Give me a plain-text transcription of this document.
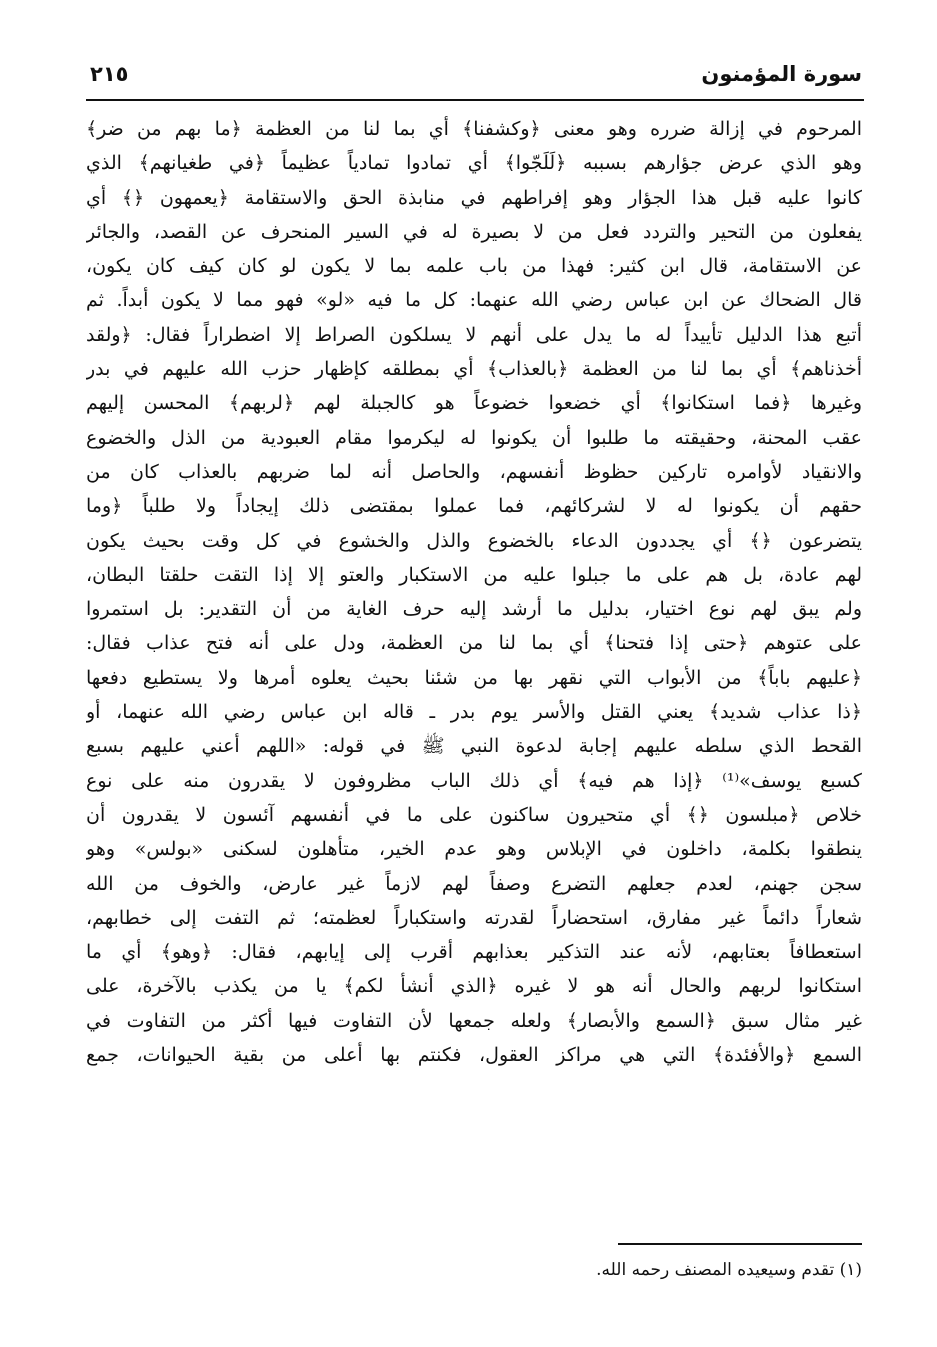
سورة المؤمنون
٢١٥
المرحوم في إزالة ضرره وهو معنى ﴿وكشفنا﴾ أي بما لنا من العظمة ﴿ما بهم من ضر﴾
وهو الذي عرض جؤارهم بسببه ﴿لَلَجّوا﴾ أي تمادوا تمادياً عظيماً ﴿في طغيانهم﴾ الذي
كانوا عليه قبل هذا الجؤار وهو إفراطهم في منابذة الحق والاستقامة ﴿يعمهون ﴿﴾ أي
يفعلون من التحير والتردد فعل من لا بصيرة له في السير المنحرف عن القصد، والجائر
عن الاستقامة، قال ابن كثير: فهذا من باب علمه بما لا يكون لو كان كيف كان يكون،
قال الضحاك عن ابن عباس رضي الله عنهما: كل ما فيه «لو» فهو مما لا يكون أبداً. ثم
أتبع هذا الدليل تأييداً له ما يدل على أنهم لا يسلكون الصراط إلا اضطراراً فقال: ﴿ولقد
أخذناهم﴾ أي بما لنا من العظمة ﴿بالعذاب﴾ أي بمطلقه كإظهار حزب الله عليهم في بدر
وغيرها ﴿فما استكانوا﴾ أي خضعوا خضوعاً هو كالجبلة لهم ﴿لربهم﴾ المحسن إليهم
عقب المحنة، وحقيقته ما طلبوا أن يكونوا له ليكرموا مقام العبودية من الذل والخضوع
والانقياد لأوامره تاركين حظوظ أنفسهم، والحاصل أنه لما ضربهم بالعذاب كان من
حقهم أن يكونوا له لا لشركائهم، فما عملوا بمقتضى ذلك إيجاداً ولا طلباً ﴿وما
يتضرعون ﴿﴾ أي يجددون الدعاء بالخضوع والذل والخشوع في كل وقت بحيث يكون
لهم عادة، بل هم على ما جبلوا عليه من الاستكبار والعتو إلا إذا التقت حلقتا البطان،
ولم يبق لهم نوع اختيار، بدليل ما أرشد إليه حرف الغاية من أن التقدير: بل استمروا
على عتوهم ﴿حتى إذا فتحنا﴾ أي بما لنا من العظمة، ودل على أنه فتح عذاب فقال:
﴿عليهم باباً﴾ من الأبواب التي نقهر بها من شئنا بحيث يعلوه أمرها ولا يستطيع دفعها
﴿ذا عذاب شديد﴾ يعني القتل والأسر يوم بدر ـ قاله ابن عباس رضي الله عنهما، أو
القحط الذي سلطه عليهم إجابة لدعوة النبي ﷺ في قوله: «اللهم أعني عليهم بسبع
كسبع يوسف»⁽¹⁾ ﴿إذا هم فيه﴾ أي ذلك الباب مظروفون لا يقدرون منه على نوع
خلاص ﴿مبلسون ﴿﴾ أي متحيرون ساكنون على ما في أنفسهم آئسون لا يقدرون أن
ينطقوا بكلمة، داخلون في الإبلاس وهو عدم الخير، متأهلون لسكنى «بولس» وهو
سجن جهنم، لعدم جعلهم التضرع وصفاً لهم لازماً غير عارض، والخوف من الله
شعاراً دائماً غير مفارق، استحضاراً لقدرته واستكباراً لعظمته؛ ثم التفت إلى خطابهم،
استعطافاً بعتابهم، لأنه عند التذكير بعذابهم أقرب إلى إيابهم، فقال: ﴿وهو﴾ أي ما
استكانوا لربهم والحال أنه هو لا غيره ﴿الذي أنشأ لكم﴾ يا من يكذب بالآخرة، على
غير مثال سبق ﴿السمع والأبصار﴾ ولعله جمعها لأن التفاوت فيها أكثر من التفاوت في
السمع ﴿والأفئدة﴾ التي هي مراكز العقول، فكنتم بها أعلى من بقية الحيوانات، جمع
(١) تقدم وسيعيده المصنف رحمه الله.
